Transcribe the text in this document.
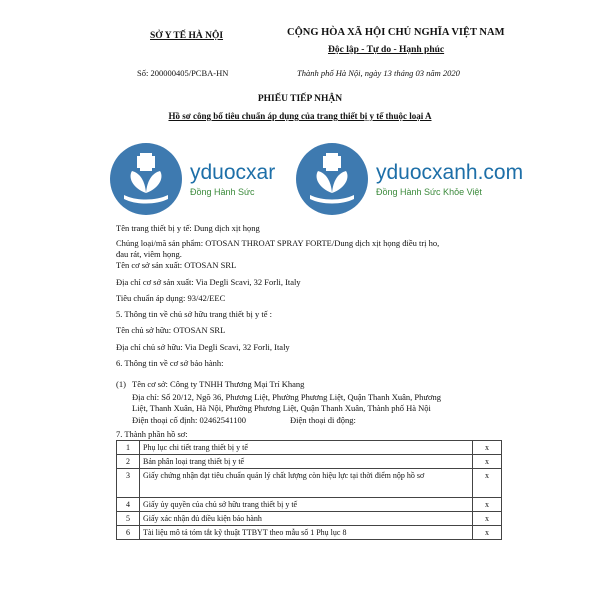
SỞ Y TẾ HÀ NỘI	CỘNG HÒA XÃ HỘI CHỦ NGHĨA VIỆT NAM
Độc lập - Tự do - Hạnh phúc
Số: 200000405/PCBA-HN	Thành phố Hà Nội, ngày 13 tháng 03 năm 2020
PHIẾU TIẾP NHẬN
Hồ sơ công bố tiêu chuẩn áp dụng của trang thiết bị y tế thuộc loại A
yduocxar
Đồng Hành Sức
yduocxanh.com
Đồng Hành Sức Khỏe Việt
Tên trang thiết bị y tế: Dung dịch xịt họng
Chủng loại/mã sản phẩm: OTOSAN THROAT SPRAY FORTE/Dung dịch xịt họng điều trị ho,
đau rát, viêm họng.
Tên cơ sở sản xuất: OTOSAN SRL
Địa chỉ cơ sở sản xuất: Via Degli Scavi, 32 Forli, Italy
Tiêu chuẩn áp dụng: 93/42/EEC
5. Thông tin về chủ sở hữu trang thiết bị y tế :
Tên chủ sở hữu: OTOSAN SRL
Địa chỉ chủ sở hữu: Via Degli Scavi, 32 Forli, Italy
6. Thông tin về cơ sở bảo hành:
(1) Tên cơ sở: Công ty TNHH Thương Mại Trí Khang
Địa chỉ: Số 20/12, Ngõ 36, Phương Liệt, Phường Phương Liệt, Quận Thanh Xuân, Phương
Liệt, Thanh Xuân, Hà Nội, Phường Phương Liệt, Quận Thanh Xuân, Thành phố Hà Nội
Điện thoại cố định: 02462541100	Điện thoại di động:
7. Thành phần hồ sơ:
1	Phụ lục chi tiết trang thiết bị y tế	x
2	Bản phân loại trang thiết bị y tế	x
3	Giấy chứng nhận đạt tiêu chuẩn quản lý chất lượng còn hiệu lực tại thời điểm nộp hồ sơ	x
4	Giấy ủy quyền của chủ sở hữu trang thiết bị y tế	x
5	Giấy xác nhận đủ điều kiện bảo hành	x
6	Tài liệu mô tả tóm tắt kỹ thuật TTBYT theo mẫu số 1 Phụ lục 8	x
